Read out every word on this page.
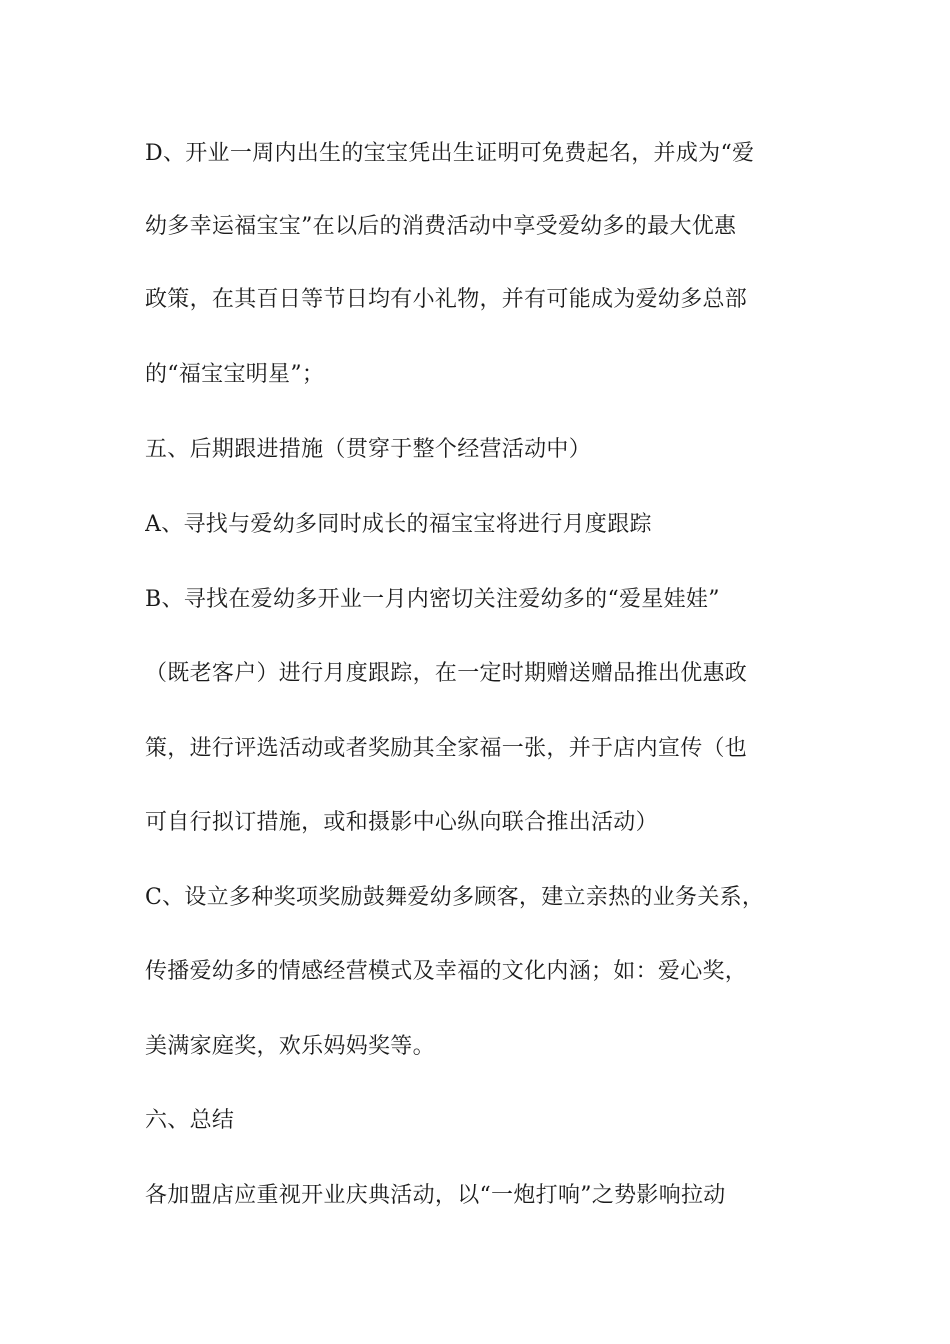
D、开业一周内出生的宝宝凭出生证明可免费起名，并成为“爱
幼多幸运福宝宝”在以后的消费活动中享受爱幼多的最大优惠
政策，在其百日等节日均有小礼物，并有可能成为爱幼多总部
的“福宝宝明星”；
五、后期跟进措施（贯穿于整个经营活动中）
A、寻找与爱幼多同时成长的福宝宝将进行月度跟踪
B、寻找在爱幼多开业一月内密切关注爱幼多的“爱星娃娃”
（既老客户）进行月度跟踪，在一定时期赠送赠品推出优惠政
策，进行评选活动或者奖励其全家福一张，并于店内宣传（也
可自行拟订措施，或和摄影中心纵向联合推出活动）
C、设立多种奖项奖励鼓舞爱幼多顾客，建立亲热的业务关系，
传播爱幼多的情感经营模式及幸福的文化内涵；如：爱心奖，
美满家庭奖，欢乐妈妈奖等。
六、总结
各加盟店应重视开业庆典活动，以“一炮打响”之势影响拉动
